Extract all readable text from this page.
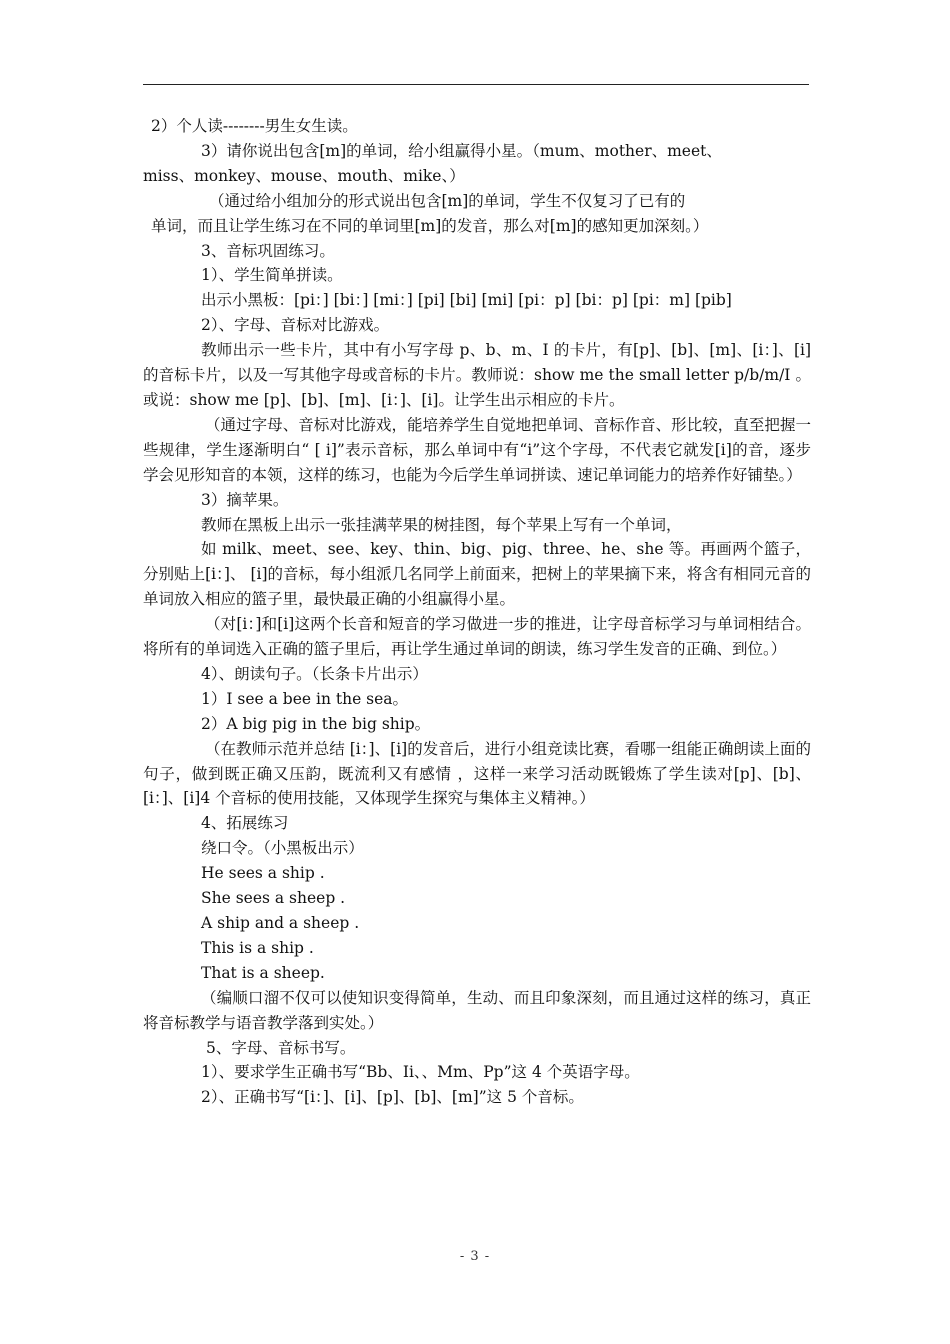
2）个人读--------男生女生读。

3）请你说出包含[m]的单词，给小组赢得小星。（mum、mother、meet、

miss、monkey、mouse、mouth、mike、）

（通过给小组加分的形式说出包含[m]的单词，学生不仅复习了已有的

单词，而且让学生练习在不同的单词里[m]的发音，那么对[m]的感知更加深刻。）

3、音标巩固练习。

1）、学生简单拼读。

出示小黑板：[pi：] [bi：] [mi：] [pi] [bi] [mi] [pi：p] [bi：p] [pi：m] [pib]

2）、字母、音标对比游戏。

教师出示一些卡片，其中有小写字母 p、b、m、I 的卡片，有[p]、[b]、[m]、[i：]、[i]的音标卡片，以及一写其他字母或音标的卡片。教师说：show me the small letter p/b/m/I 。或说：show me [p]、[b]、[m]、[i：]、[i]。让学生出示相应的卡片。

（通过字母、音标对比游戏，能培养学生自觉地把单词、音标作音、形比较，直至把握一些规律，学生逐渐明白“ [ i]”表示音标，那么单词中有“i”这个字母，不代表它就发[i]的音，逐步学会见形知音的本领，这样的练习，也能为今后学生单词拼读、速记单词能力的培养作好铺垫。）

3）摘苹果。

教师在黑板上出示一张挂满苹果的树挂图，每个苹果上写有一个单词，

如 milk、meet、see、key、thin、big、pig、three、he、she 等。再画两个篮子，分别贴上[i：]、 [i]的音标，每小组派几名同学上前面来，把树上的苹果摘下来，将含有相同元音的单词放入相应的篮子里，最快最正确的小组赢得小星。

（对[i：]和[i]这两个长音和短音的学习做进一步的推进，让字母音标学习与单词相结合。将所有的单词选入正确的篮子里后，再让学生通过单词的朗读，练习学生发音的正确、到位。）

4）、朗读句子。（长条卡片出示）

1）I see a bee in the sea。

2）A big pig in the big ship。

（在教师示范并总结 [i：]、[i]的发音后，进行小组竞读比赛，看哪一组能正确朗读上面的句子，做到既正确又压韵，既流利又有感情 ，这样一来学习活动既锻炼了学生读对[p]、[b]、[i：]、[i]4 个音标的使用技能，又体现学生探究与集体主义精神。）

4、拓展练习

绕口令。（小黑板出示）

He sees a ship .

She sees a sheep .

A ship and a sheep .

This is a ship .

That is a sheep.

（编顺口溜不仅可以使知识变得简单，生动、而且印象深刻，而且通过这样的练习，真正将音标教学与语音教学落到实处。）

5、字母、音标书写。

1）、要求学生正确书写“Bb、Ii、、Mm、Pp”这 4 个英语字母。

2）、正确书写“[i：]、[i]、[p]、[b]、[m]”这 5 个音标。

- 3 -
